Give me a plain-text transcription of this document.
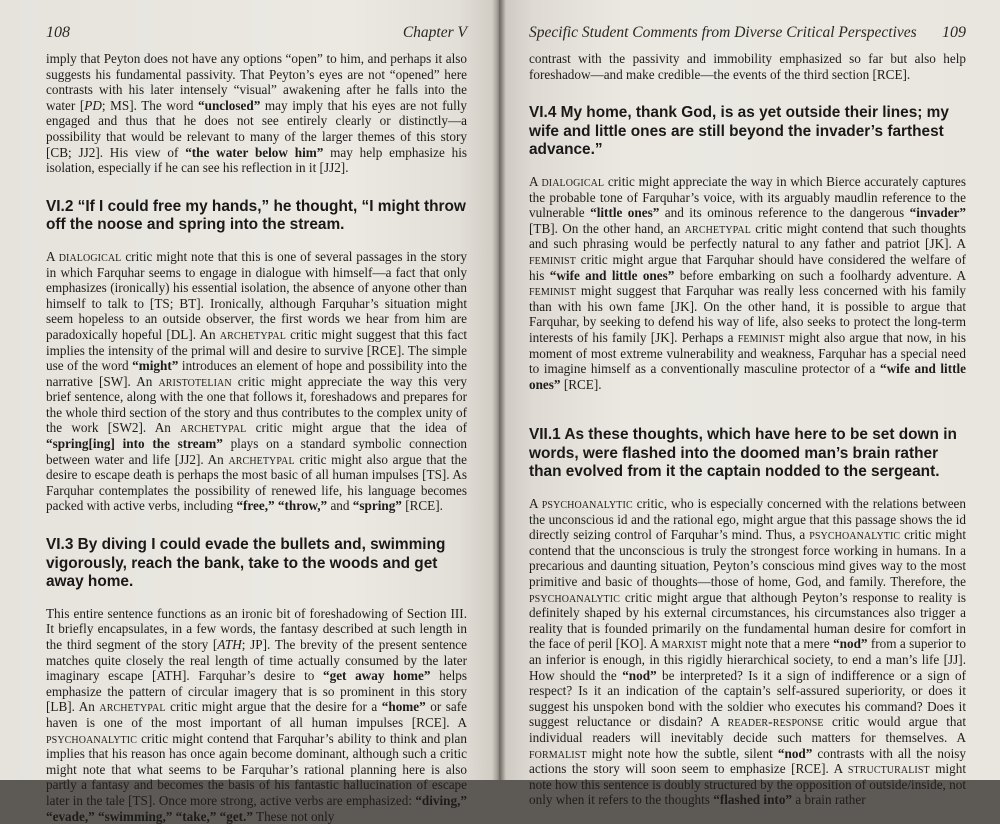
108	Chapter V

imply that Peyton does not have any options “open” to him, and perhaps it also suggests his fundamental passivity. That Peyton’s eyes are not “opened” here contrasts with his later intensely “visual” awakening after he falls into the water [PD; MS]. The word “unclosed” may imply that his eyes are not fully engaged and thus that he does not see entirely clearly or distinctly—a possibility that would be relevant to many of the larger themes of this story [CB; JJ2]. His view of “the water below him” may help emphasize his isolation, especially if he can see his reflection in it [JJ2].

VI.2 “If I could free my hands,” he thought, “I might throw off the noose and spring into the stream.

A dialogical critic might note that this is one of several passages in the story in which Farquhar seems to engage in dialogue with himself—a fact that only emphasizes (ironically) his essential isolation, the absence of anyone other than himself to talk to [TS; BT]. Ironically, although Farquhar’s situation might seem hopeless to an outside observer, the first words we hear from him are paradoxically hopeful [DL]. An archetypal critic might suggest that this fact implies the intensity of the primal will and desire to survive [RCE]. The simple use of the word “might” introduces an element of hope and possibility into the narrative [SW]. An aristotelian critic might appreciate the way this very brief sentence, along with the one that follows it, foreshadows and prepares for the whole third section of the story and thus contributes to the complex unity of the work [SW2]. An archetypal critic might argue that the idea of “spring[ing] into the stream” plays on a standard symbolic connection between water and life [JJ2]. An archetypal critic might also argue that the desire to escape death is perhaps the most basic of all human impulses [TS]. As Farquhar contemplates the possibility of renewed life, his language becomes packed with active verbs, including “free,” “throw,” and “spring” [RCE].

VI.3 By diving I could evade the bullets and, swimming vigorously, reach the bank, take to the woods and get away home.

This entire sentence functions as an ironic bit of foreshadowing of Section III. It briefly encapsulates, in a few words, the fantasy described at such length in the third segment of the story [ATH; JP]. The brevity of the present sentence matches quite closely the real length of time actually consumed by the later imaginary escape [ATH]. Farquhar’s desire to “get away home” helps emphasize the pattern of circular imagery that is so prominent in this story [LB]. An archetypal critic might argue that the desire for a “home” or safe haven is one of the most important of all human impulses [RCE]. A psychoanalytic critic might contend that Farquhar’s ability to think and plan implies that his reason has once again become dominant, although such a critic might note that what seems to be Farquhar’s rational planning here is also partly a fantasy and becomes the basis of his fantastic hallucination of escape later in the tale [TS]. Once more strong, active verbs are emphasized: “diving,” “evade,” “swimming,” “take,” “get.” These not only

Specific Student Comments from Diverse Critical Perspectives 109

contrast with the passivity and immobility emphasized so far but also help foreshadow—and make credible—the events of the third section [RCE].

VI.4 My home, thank God, is as yet outside their lines; my wife and little ones are still beyond the invader’s farthest advance.”

A dialogical critic might appreciate the way in which Bierce accurately captures the probable tone of Farquhar’s voice, with its arguably maudlin reference to the vulnerable “little ones” and its ominous reference to the dangerous “invader” [TB]. On the other hand, an archetypal critic might contend that such thoughts and such phrasing would be perfectly natural to any father and patriot [JK]. A feminist critic might argue that Farquhar should have considered the welfare of his “wife and little ones” before embarking on such a foolhardy adventure. A feminist might suggest that Farquhar was really less concerned with his family than with his own fame [JK]. On the other hand, it is possible to argue that Farquhar, by seeking to defend his way of life, also seeks to protect the long-term interests of his family [JK]. Perhaps a feminist might also argue that now, in his moment of most extreme vulnerability and weakness, Farquhar has a special need to imagine himself as a conventionally masculine protector of a “wife and little ones” [RCE].

VII.1 As these thoughts, which have here to be set down in words, were flashed into the doomed man’s brain rather than evolved from it the captain nodded to the sergeant.

A psychoanalytic critic, who is especially concerned with the relations between the unconscious id and the rational ego, might argue that this passage shows the id directly seizing control of Farquhar’s mind. Thus, a psychoanalytic critic might contend that the unconscious is truly the strongest force working in humans. In a precarious and daunting situation, Peyton’s conscious mind gives way to the most primitive and basic of thoughts—those of home, God, and family. Therefore, the psychoanalytic critic might argue that although Peyton’s response to reality is definitely shaped by his external circumstances, his circumstances also trigger a reality that is founded primarily on the fundamental human desire for comfort in the face of peril [KO]. A marxist might note that a mere “nod” from a superior to an inferior is enough, in this rigidly hierarchical society, to end a man’s life [JJ]. How should the “nod” be interpreted? Is it a sign of indifference or a sign of respect? Is it an indication of the captain’s self-assured superiority, or does it suggest his unspoken bond with the soldier who executes his command? Does it suggest reluctance or disdain? A reader-response critic would argue that individual readers will inevitably decide such matters for themselves. A formalist might note how the subtle, silent “nod” contrasts with all the noisy actions the story will soon seem to emphasize [RCE]. A structuralist might note how this sentence is doubly structured by the opposition of outside/inside, not only when it refers to the thoughts “flashed into” a brain rather
